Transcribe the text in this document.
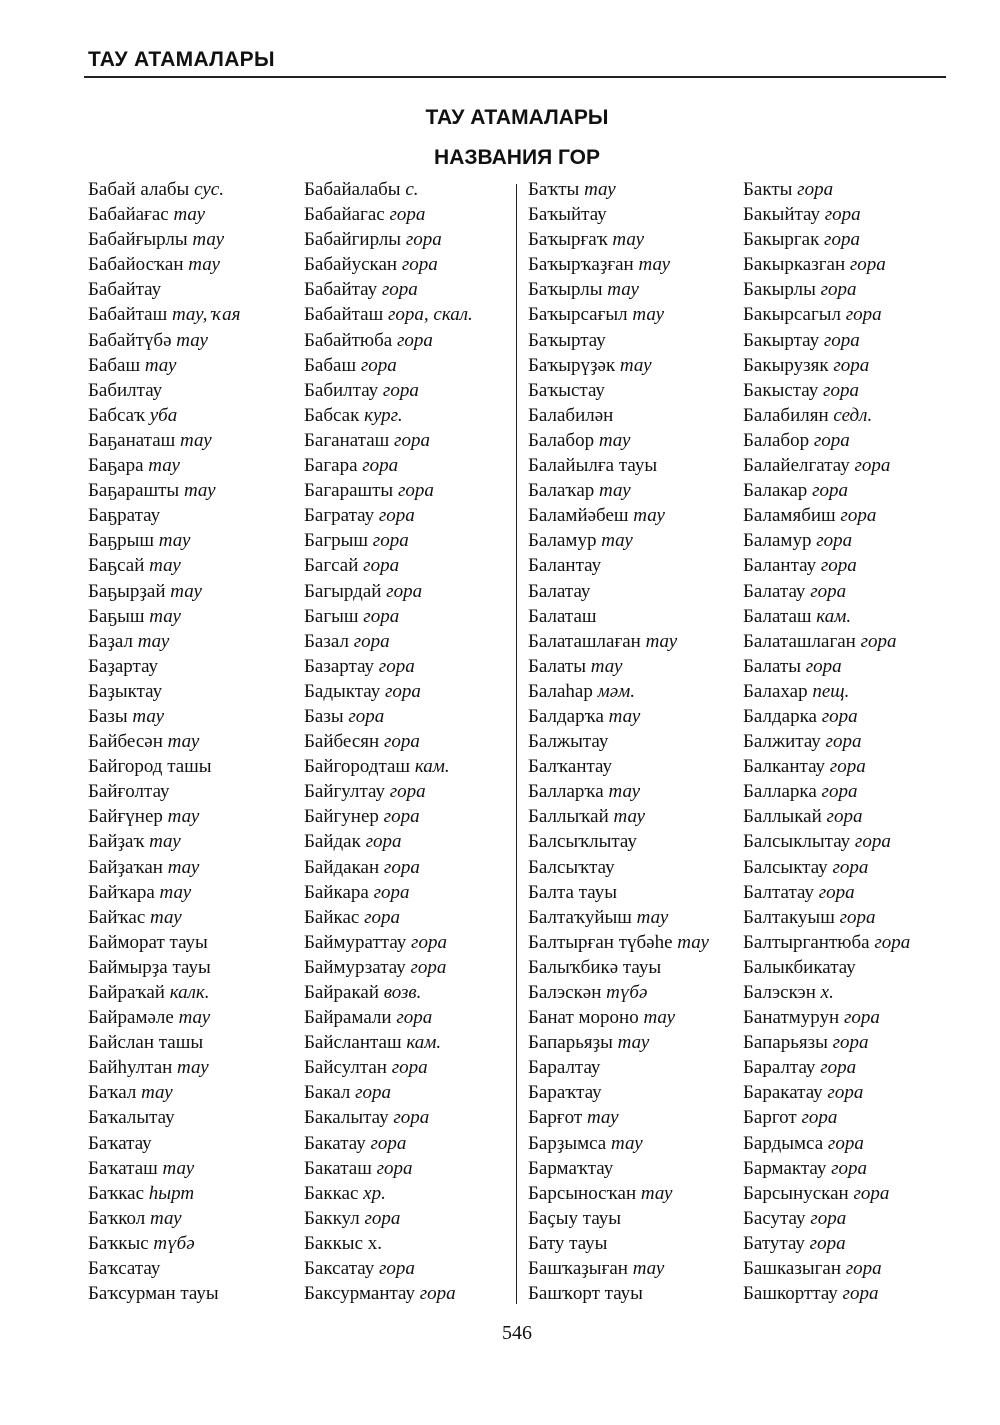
ТАУ АТАМАЛАРЫ
ТАУ АТАМАЛАРЫ
НАЗВАНИЯ ГОР
Бабай алабы сус.
Бабайағас тау
Бабайғырлы тау
Бабайосҡан тау
Бабайтау
Бабайташ тау, ҡая
Бабайтүбә тау
Бабаш тау
Бабилтау
Бабсаҡ уба
Баҕанаташ тау
Баҕара тау
Баҕарашты тау
Баҕратау
Баҕрыш тау
Баҕсай тау
Баҕырҙай тау
Баҕыш тау
Баҙал тау
Баҙартау
Баҙыктау
Базы тау
Байбесән тау
Байгород ташы
Байғолтау
Байғүнер тау
Байҙаҡ тау
Байҙаҡан тау
Байҡара тау
Байҡас тау
Байморат тауы
Баймырҙа тауы
Байраҡай калк.
Байрамәле тау
Байслан ташы
Байһултан тау
Баҡал тау
Баҡалытау
Баҡатау
Баҡаташ тау
Баҡкас һырт
Баҡкол тау
Баҡкыс түбә
Баҡсатау
Баҡсурман тауы
Бабайалабы с.
Бабайагас гора
Бабайгирлы гора
Бабайускан гора
Бабайтау гора
Бабайташ гора, скал.
Бабайтюба гора
Бабаш гора
Бабилтау гора
Бабсак кург.
Баганаташ гора
Багара гора
Багарашты гора
Багратау гора
Багрыш гора
Багсай гора
Багырдай гора
Багыш гора
Базал гора
Базартау гора
Бадыктау гора
Базы гора
Байбесян гора
Байгородташ кам.
Байгултау гора
Байгунер гора
Байдак гора
Байдакан гора
Байкара гора
Байкас гора
Баймураттау гора
Баймурзатау гора
Байракай возв.
Байрамали гора
Байсланташ кам.
Байсултан гора
Бакал гора
Бакалытау гора
Бакатау гора
Бакаташ гора
Баккас хр.
Баккул гора
Баккыс х.
Баксатау гора
Баксурмантау гора
Баҡты тау
Баҡыйтау
Баҡырғаҡ тау
Баҡырҡаҙған тау
Баҡырлы тау
Баҡырсағыл тау
Баҡыртау
Баҡырүҙәк тау
Баҡыстау
Балабилән
Балабор тау
Балайылға тауы
Балаҡар тау
Баламйәбеш тау
Баламур тау
Балантау
Балатау
Балаташ
Балаташлаған тау
Балаты тау
Балаһар мәм.
Балдарҡа тау
Балжытау
Балҡантау
Балларҡа тау
Баллыҡай тау
Балсыҡлытау
Балсыҡтау
Балта тауы
Балтаҡуйыш тау
Балтырған түбәһе тау
Балыҡбикә тауы
Балэскән түбә
Банат мороно тау
Бапарьяҙы тау
Баралтау
Бараҡтау
Барғот тау
Барҙымса тау
Бармаҡтау
Барсыносҡан тау
Баҫыу тауы
Бату тауы
Башҡаҙыған тау
Башҡорт тауы
Бакты гора
Бакыйтау гора
Бакыргак гора
Бакырказган гора
Бакырлы гора
Бакырсагыл гора
Бакыртау гора
Бакырузяк гора
Бакыстау гора
Балабилян седл.
Балабор гора
Балайелгатау гора
Балакар гора
Баламябиш гора
Баламур гора
Балантау гора
Балатау гора
Балаташ кам.
Балаташлаган гора
Балаты гора
Балахар пещ.
Балдарка гора
Балжитау гора
Балкантау гора
Балларка гора
Баллыкай гора
Балсыклытау гора
Балсыктау гора
Балтатау гора
Балтакуыш гора
Балтыргантюба гора
Балыкбикатау
Балэскэн х.
Банатмурун гора
Бапарьязы гора
Баралтау гора
Баракатау гора
Баргот гора
Бардымса гора
Бармактау гора
Барсынускан гора
Басутау гора
Батутау гора
Башказыган гора
Башкорттау гора
546
